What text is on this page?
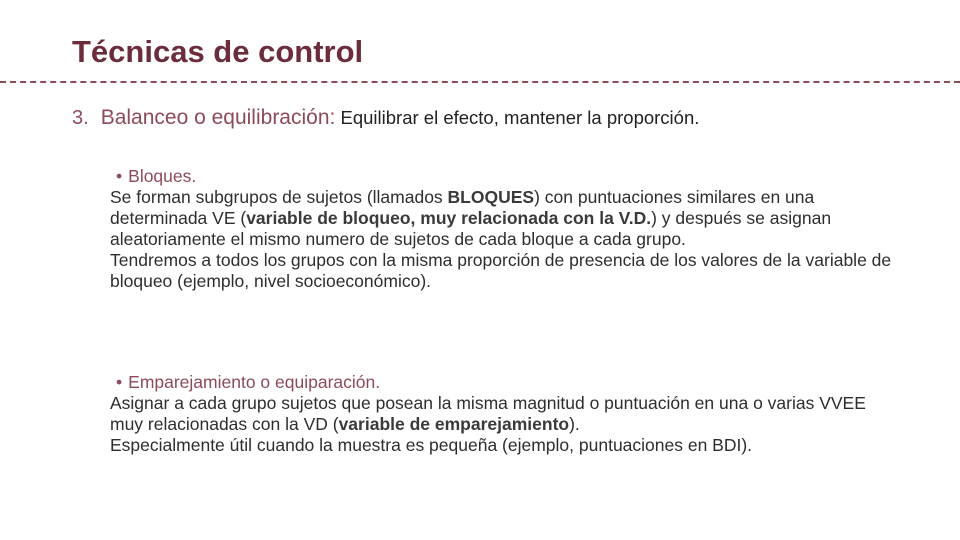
Técnicas de control
3. Balanceo o equilibración: Equilibrar el efecto, mantener la proporción.

• Bloques.

Se forman subgrupos de sujetos (llamados BLOQUES) con puntuaciones similares en una determinada VE (variable de bloqueo, muy relacionada con la V.D.) y después se asignan aleatoriamente el mismo numero de sujetos de cada bloque a cada grupo.

Tendremos a todos los grupos con la misma proporción de presencia de los valores de la variable de bloqueo (ejemplo, nivel socioeconómico).

• Emparejamiento o equiparación.

Asignar a cada grupo sujetos que posean la misma magnitud o puntuación en una o varias VVEE muy relacionadas con la VD (variable de emparejamiento).

Especialmente útil cuando la muestra es pequeña (ejemplo, puntuaciones en BDI).
